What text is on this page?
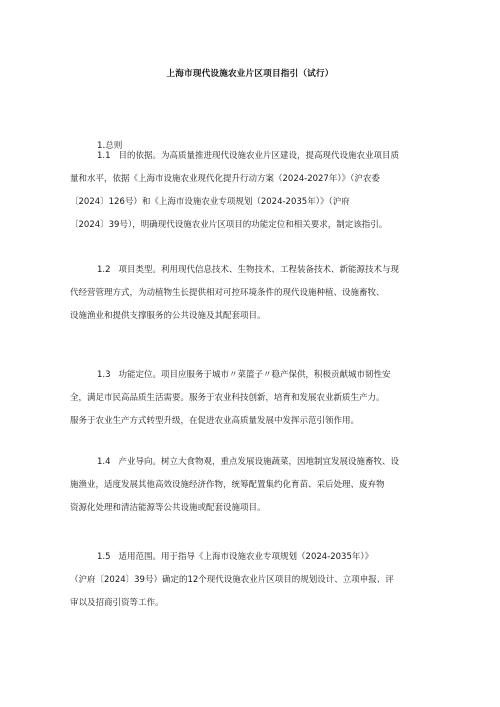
上海市现代设施农业片区项目指引（试行）
1.总则
1.1 目的依据。为高质量推进现代设施农业片区建设，提高现代设施农业项目质
量和水平，依据《上海市设施农业现代化提升行动方案（2024-2027年）》（沪农委
〔2024〕126号）和《上海市设施农业专项规划（2024-2035年）》（沪府
〔2024〕39号），明确现代设施农业片区项目的功能定位和相关要求，制定该指引。
1.2 项目类型。利用现代信息技术、生物技术、工程装备技术、新能源技术与现
代经营管理方式，为动植物生长提供相对可控环境条件的现代设施种植、设施畜牧、
设施渔业和提供支撑服务的公共设施及其配套项目。
1.3 功能定位。项目应服务于城市〃菜篮子〃稳产保供，积极贡献城市韧性安
全，满足市民高品质生活需要。服务于农业科技创新，培育和发展农业新质生产力。
服务于农业生产方式转型升级，在促进农业高质量发展中发挥示范引领作用。
1.4 产业导向。树立大食物观，重点发展设施蔬菜，因地制宜发展设施畜牧、设
施渔业，适度发展其他高效设施经济作物，统筹配置集约化育苗、采后处理、废弃物
资源化处理和清洁能源等公共设施或配套设施项目。
1.5 适用范围。用于指导《上海市设施农业专项规划（2024-2035年）》
（沪府〔2024〕39号）确定的12个现代设施农业片区项目的规划设计、立项申报、评
审以及招商引资等工作。
